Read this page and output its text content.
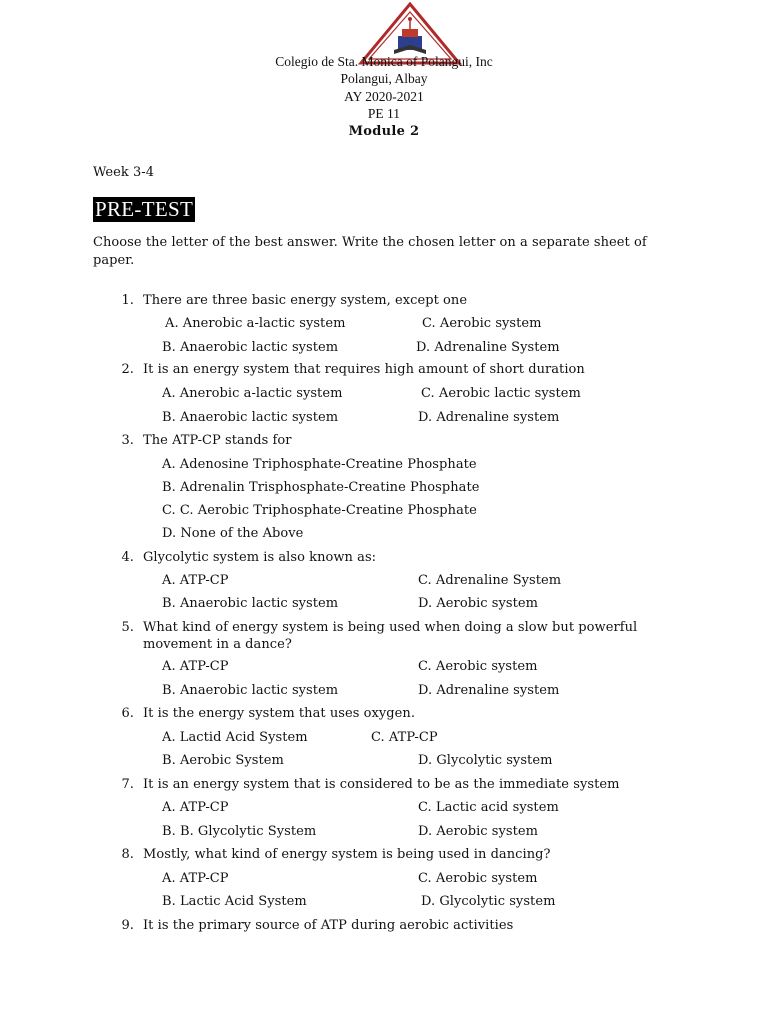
Colegio de Sta. Monica of Polangui, Inc
Polangui, Albay
AY 2020-2021
PE 11
Module 2
Week 3-4
PRE-TEST
Choose the letter of the best answer. Write the chosen letter on a separate sheet of
paper.
1. There are three basic energy system, except one
A. Anerobic a-lactic system	C. Aerobic system
B. Anaerobic lactic system	D. Adrenaline System
2. It is an energy system that requires high amount of short duration
A. Anerobic a-lactic system	C. Aerobic lactic system
B. Anaerobic lactic system	D. Adrenaline system
3. The ATP-CP stands for
A. Adenosine Triphosphate-Creatine Phosphate
B. Adrenalin Trisphosphate-Creatine Phosphate
C. C. Aerobic Triphosphate-Creatine Phosphate
D. None of the Above
4. Glycolytic system is also known as:
A. ATP-CP	C. Adrenaline System
B. Anaerobic lactic system	D. Aerobic system
5. What kind of energy system is being used when doing a slow but powerful
movement in a dance?
A. ATP-CP	C. Aerobic system
B. Anaerobic lactic system	D. Adrenaline system
6. It is the energy system that uses oxygen.
A. Lactid Acid System	C. ATP-CP
B. Aerobic System	D. Glycolytic system
7. It is an energy system that is considered to be as the immediate system
A. ATP-CP	C. Lactic acid system
B. B. Glycolytic System	D. Aerobic system
8. Mostly, what kind of energy system is being used in dancing?
A. ATP-CP	C. Aerobic system
B. Lactic Acid System	D. Glycolytic system
9. It is the primary source of ATP during aerobic activities
